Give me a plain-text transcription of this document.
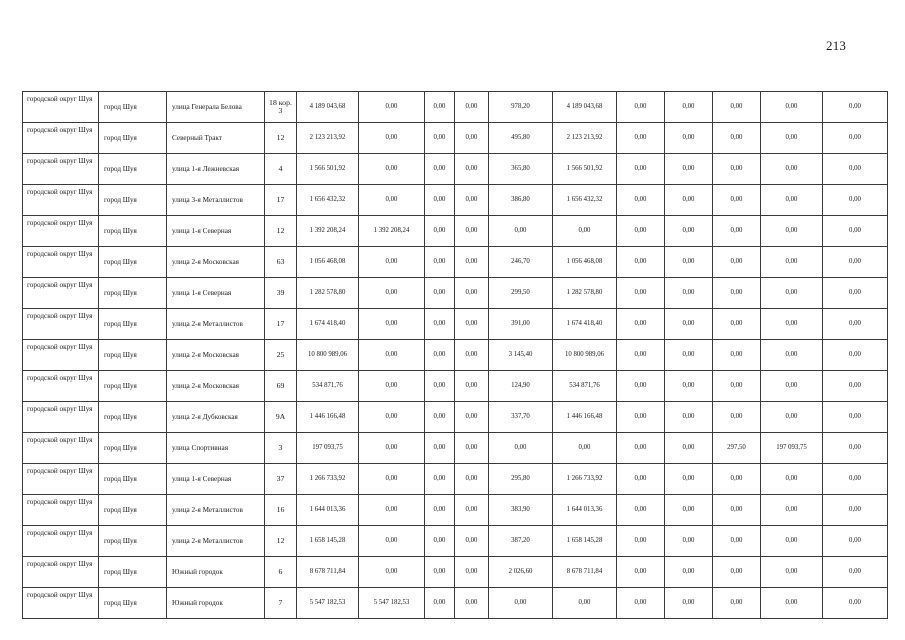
213
городской округ Шуя	город Шуя	улица Генерала Белова	18 кор. 3	4 189 043,68	0,00	0,00	0,00	978,20	4 189 043,68	0,00	0,00	0,00	0,00	0,00
городской округ Шуя	город Шуя	Северный Тракт	12	2 123 213,92	0,00	0,00	0,00	495,80	2 123 213,92	0,00	0,00	0,00	0,00	0,00
городской округ Шуя	город Шуя	улица 1-я Лежневская	4	1 566 501,92	0,00	0,00	0,00	365,80	1 566 501,92	0,00	0,00	0,00	0,00	0,00
городской округ Шуя	город Шуя	улица 3-я Металлистов	17	1 656 432,32	0,00	0,00	0,00	386,80	1 656 432,32	0,00	0,00	0,00	0,00	0,00
городской округ Шуя	город Шуя	улица 1-я Северная	12	1 392 208,24	1 392 208,24	0,00	0,00	0,00	0,00	0,00	0,00	0,00	0,00	0,00
городской округ Шуя	город Шуя	улица 2-я Московская	63	1 056 468,08	0,00	0,00	0,00	246,70	1 056 468,08	0,00	0,00	0,00	0,00	0,00
городской округ Шуя	город Шуя	улица 1-я Северная	39	1 282 578,80	0,00	0,00	0,00	299,50	1 282 578,80	0,00	0,00	0,00	0,00	0,00
городской округ Шуя	город Шуя	улица 2-я Металлистов	17	1 674 418,40	0,00	0,00	0,00	391,00	1 674 418,40	0,00	0,00	0,00	0,00	0,00
городской округ Шуя	город Шуя	улица 2-я Московская	25	10 800 989,06	0,00	0,00	0,00	3 145,40	10 800 989,06	0,00	0,00	0,00	0,00	0,00
городской округ Шуя	город Шуя	улица 2-я Московская	69	534 871,76	0,00	0,00	0,00	124,90	534 871,76	0,00	0,00	0,00	0,00	0,00
городской округ Шуя	город Шуя	улица 2-я Дубковская	9А	1 446 166,48	0,00	0,00	0,00	337,70	1 446 166,48	0,00	0,00	0,00	0,00	0,00
городской округ Шуя	город Шуя	улица Спортивная	3	197 093,75	0,00	0,00	0,00	0,00	0,00	0,00	0,00	297,50	197 093,75	0,00
городской округ Шуя	город Шуя	улица 1-я Северная	37	1 266 733,92	0,00	0,00	0,00	295,80	1 266 733,92	0,00	0,00	0,00	0,00	0,00
городской округ Шуя	город Шуя	улица 2-я Металлистов	16	1 644 013,36	0,00	0,00	0,00	383,90	1 644 013,36	0,00	0,00	0,00	0,00	0,00
городской округ Шуя	город Шуя	улица 2-я Металлистов	12	1 658 145,28	0,00	0,00	0,00	387,20	1 658 145,28	0,00	0,00	0,00	0,00	0,00
городской округ Шуя	город Шуя	Южный городок	6	8 678 711,84	0,00	0,00	0,00	2 026,60	8 678 711,84	0,00	0,00	0,00	0,00	0,00
городской округ Шуя	город Шуя	Южный городок	7	5 547 182,53	5 547 182,53	0,00	0,00	0,00	0,00	0,00	0,00	0,00	0,00	0,00
